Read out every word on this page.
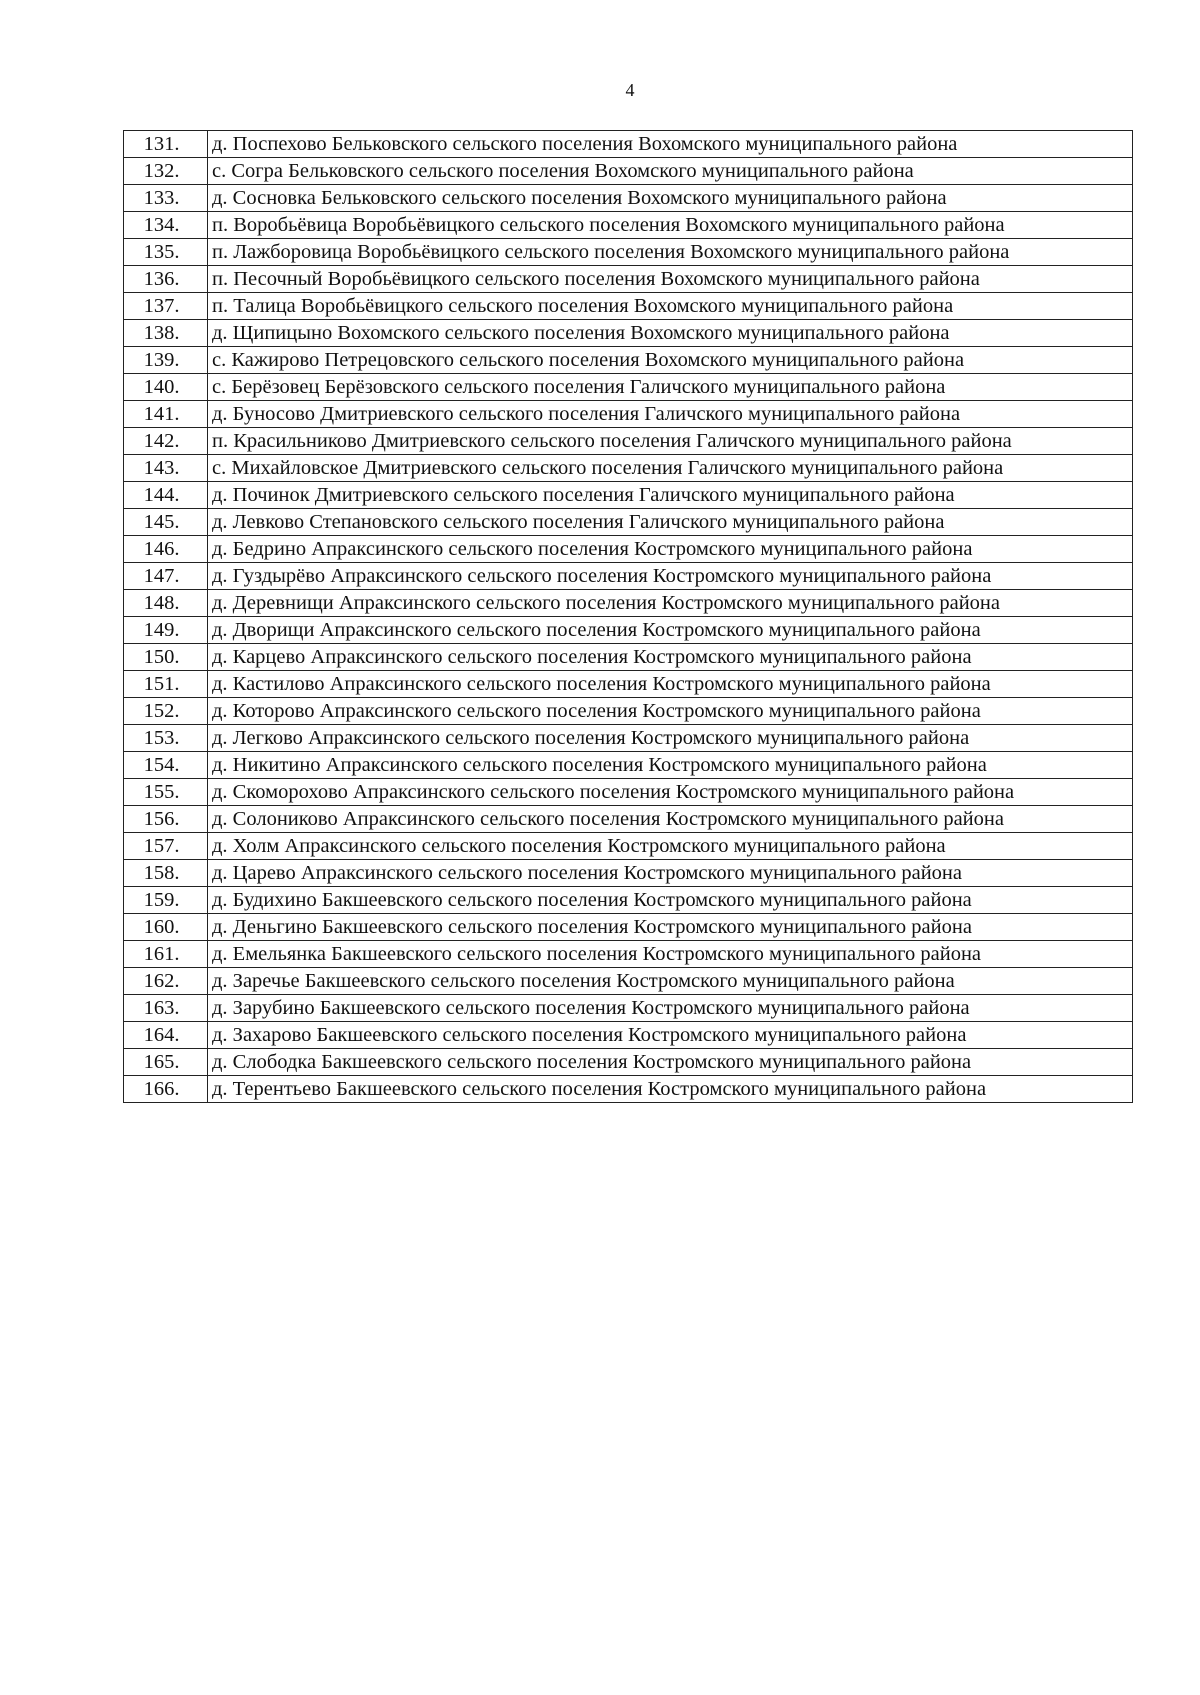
4
131.	д. Поспехово Бельковского сельского поселения Вохомского муниципального района
132.	с. Согра Бельковского сельского поселения Вохомского муниципального района
133.	д. Сосновка Бельковского сельского поселения Вохомского муниципального района
134.	п. Воробьёвица Воробьёвицкого сельского поселения Вохомского муниципального района
135.	п. Лажборовица Воробьёвицкого сельского поселения Вохомского муниципального района
136.	п. Песочный Воробьёвицкого сельского поселения Вохомского муниципального района
137.	п. Талица Воробьёвицкого сельского поселения Вохомского муниципального района
138.	д. Щипицыно Вохомского сельского поселения Вохомского муниципального района
139.	с. Кажирово Петрецовского сельского поселения Вохомского муниципального района
140.	с. Берёзовец Берёзовского сельского поселения Галичского муниципального района
141.	д. Буносово Дмитриевского сельского поселения Галичского муниципального района
142.	п. Красильниково Дмитриевского сельского поселения Галичского муниципального района
143.	с. Михайловское Дмитриевского сельского поселения Галичского муниципального района
144.	д. Починок Дмитриевского сельского поселения Галичского муниципального района
145.	д. Левково Степановского сельского поселения Галичского муниципального района
146.	д. Бедрино Апраксинского сельского поселения Костромского муниципального района
147.	д. Гуздырёво Апраксинского сельского поселения Костромского муниципального района
148.	д. Деревнищи Апраксинского сельского поселения Костромского муниципального района
149.	д. Дворищи Апраксинского сельского поселения Костромского муниципального района
150.	д. Карцево Апраксинского сельского поселения Костромского муниципального района
151.	д. Кастилово Апраксинского сельского поселения Костромского муниципального района
152.	д. Которово Апраксинского сельского поселения Костромского муниципального района
153.	д. Легково Апраксинского сельского поселения Костромского муниципального района
154.	д. Никитино Апраксинского сельского поселения Костромского муниципального района
155.	д. Скоморохово Апраксинского сельского поселения Костромского муниципального района
156.	д. Солониково Апраксинского сельского поселения Костромского муниципального района
157.	д. Холм Апраксинского сельского поселения Костромского муниципального района
158.	д. Царево Апраксинского сельского поселения Костромского муниципального района
159.	д. Будихино Бакшеевского сельского поселения Костромского муниципального района
160.	д. Деньгино Бакшеевского сельского поселения Костромского муниципального района
161.	д. Емельянка Бакшеевского сельского поселения Костромского муниципального района
162.	д. Заречье Бакшеевского сельского поселения Костромского муниципального района
163.	д. Зарубино Бакшеевского сельского поселения Костромского муниципального района
164.	д. Захарово Бакшеевского сельского поселения Костромского муниципального района
165.	д. Слободка Бакшеевского сельского поселения Костромского муниципального района
166.	д. Терентьево Бакшеевского сельского поселения Костромского муниципального района
